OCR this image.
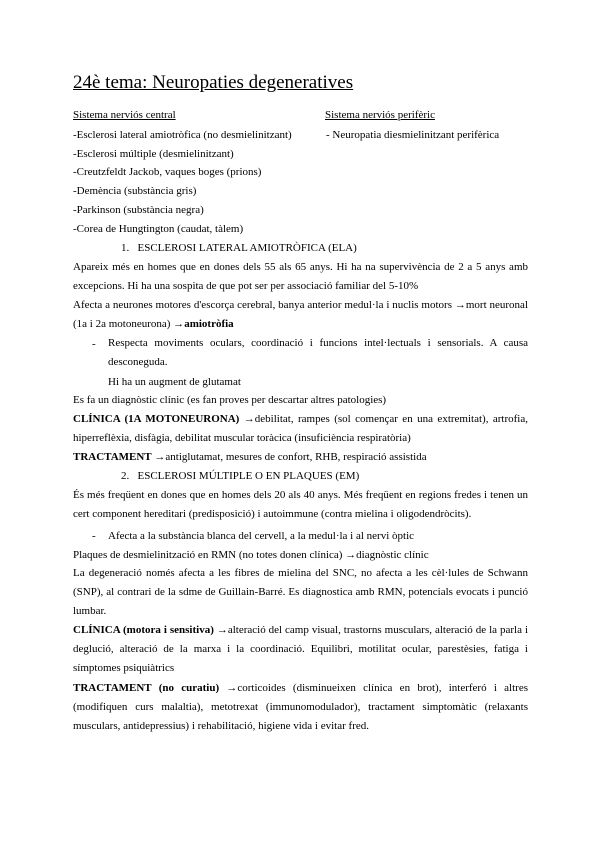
24è tema: Neuropaties degeneratives
Sistema nerviós central	Sistema nerviós perifèric
-Esclerosi lateral amiotròfica (no desmielinitzant)	- Neuropatia diesmielinitzant perifèrica
-Esclerosi múltiple (desmielinitzant)
-Creutzfeldt Jackob, vaques boges (prions)
-Demència (substància gris)
-Parkinson (substància negra)
-Corea de Hungtington (caudat, tàlem)
1.   ESCLEROSI LATERAL AMIOTRÒFICA (ELA)
Apareix més en homes que en dones dels 55 als 65 anys. Hi ha na supervivència de 2 a 5 anys amb excepcions. Hi ha una sospita de que pot ser per associació familiar del 5-10%
Afecta a neurones motores d'escorça cerebral, banya anterior medul·la i nuclis motors →mort neuronal (1a i 2a motoneurona) →amiotròfia
- Respecta moviments oculars, coordinació i funcions intel·lectuals i sensorials. A causa desconeguda.
Hi ha un augment de glutamat
Es fa un diagnòstic clínic (es fan proves per descartar altres patologies)
CLÍNICA (1A MOTONEURONA) →debilitat, rampes (sol començar en una extremitat), artrofia, hiperreflèxia, disfàgia, debilitat muscular toràcica (insuficiència respiratòria)
TRACTAMENT →antiglutamat, mesures de confort, RHB, respiració assistida
2.   ESCLEROSI MÚLTIPLE O EN PLAQUES (EM)
És més freqüent en dones que en homes dels 20 als 40 anys. Més freqüent en regions fredes i tenen un cert component hereditari (predisposició) i autoimmune (contra mielina i oligodendròcits).
- Afecta a la substància blanca del cervell, a la medul·la i al nervi òptic
Plaques de desmielinització en RMN (no totes donen clínica) →diagnòstic clínic
La degeneració només afecta a les fibres de mielina del SNC, no afecta a les cèl·lules de Schwann (SNP), al contrari de la sdme de Guillain-Barré. Es diagnostica amb RMN, potencials evocats i punció lumbar.
CLÍNICA (motora i sensitiva) →alteració del camp visual, trastorns musculars, alteració de la parla i deglució, alteració de la marxa i la coordinació. Equilibri, motilitat ocular, parestèsies, fatiga i símptomes psiquiàtrics
TRACTAMENT (no curatiu) →corticoides (disminueixen clínica en brot), interferó i altres (modifiquen curs malaltia), metotrexat (immunomodulador), tractament simptomàtic (relaxants musculars, antidepressius) i rehabilitació, higiene vida i evitar fred.
